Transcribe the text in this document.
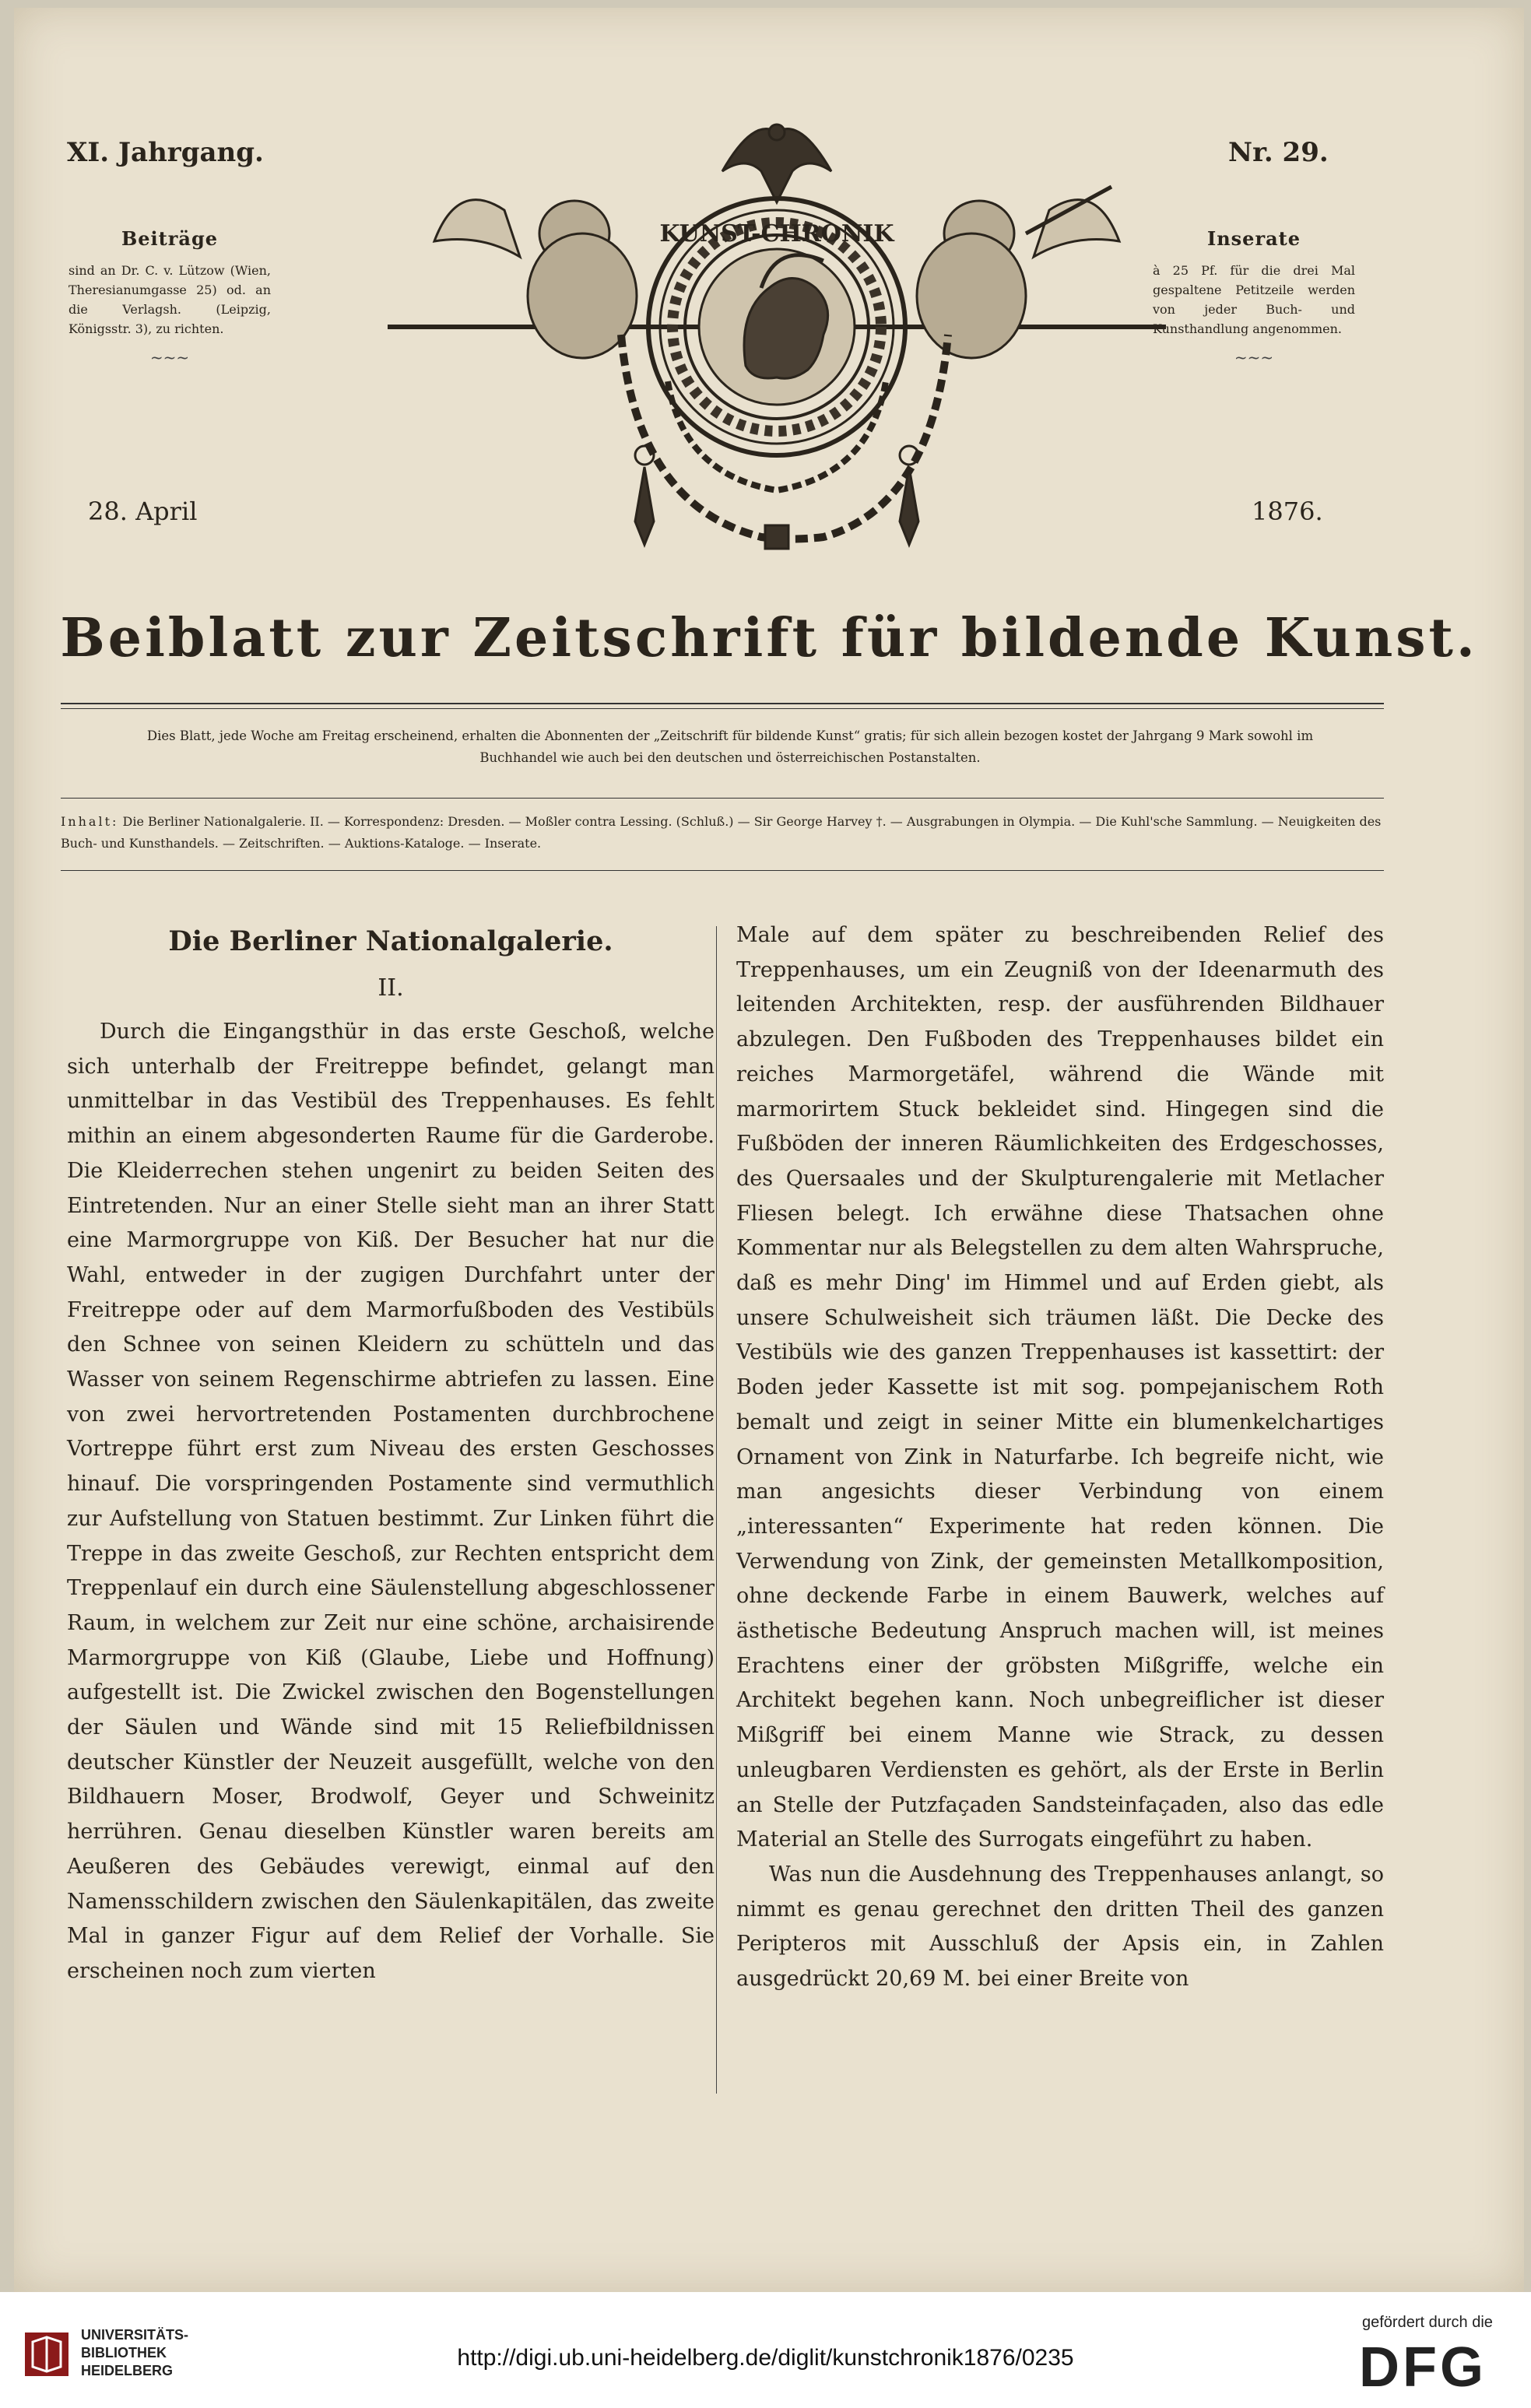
XI. Jahrgang.	Nr. 29.
Beiträge
sind an Dr. C. v. Lützow (Wien, Theresianumgasse 25) od. an die Verlagsh. (Leipzig, Königsstr. 3), zu richten.
~~~
Inserate
à 25 Pf. für die drei Mal gespaltene Petitzeile werden von jeder Buch- und Kunsthandlung angenommen.
~~~
28. April	1876.
KUNST-CHRONIK
Beiblatt zur Zeitschrift für bildende Kunst.
Dies Blatt, jede Woche am Freitag erscheinend, erhalten die Abonnenten der „Zeitschrift für bildende Kunst“ gratis; für sich allein bezogen kostet der Jahrgang 9 Mark sowohl im Buchhandel wie auch bei den deutschen und österreichischen Postanstalten.
Inhalt: Die Berliner Nationalgalerie. II. — Korrespondenz: Dresden. — Moßler contra Lessing. (Schluß.) — Sir George Harvey †. — Ausgrabungen in Olympia. — Die Kuhl'sche Sammlung. — Neuigkeiten des Buch- und Kunsthandels. — Zeitschriften. — Auktions-Kataloge. — Inserate.
Die Berliner Nationalgalerie.
II.

Durch die Eingangsthür in das erste Geschoß, welche sich unterhalb der Freitreppe befindet, gelangt man unmittelbar in das Vestibül des Treppenhauses. Es fehlt mithin an einem abgesonderten Raume für die Garderobe. Die Kleiderrechen stehen ungenirt zu beiden Seiten des Eintretenden. Nur an einer Stelle sieht man an ihrer Statt eine Marmorgruppe von Kiß. Der Besucher hat nur die Wahl, entweder in der zugigen Durchfahrt unter der Freitreppe oder auf dem Marmorfußboden des Vestibüls den Schnee von seinen Kleidern zu schütteln und das Wasser von seinem Regenschirme abtriefen zu lassen. Eine von zwei hervortretenden Postamenten durchbrochene Vortreppe führt erst zum Niveau des ersten Geschosses hinauf. Die vorspringenden Postamente sind vermuthlich zur Aufstellung von Statuen bestimmt. Zur Linken führt die Treppe in das zweite Geschoß, zur Rechten entspricht dem Treppenlauf ein durch eine Säulenstellung abgeschlossener Raum, in welchem zur Zeit nur eine schöne, archaisirende Marmorgruppe von Kiß (Glaube, Liebe und Hoffnung) aufgestellt ist. Die Zwickel zwischen den Bogenstellungen der Säulen und Wände sind mit 15 Reliefbildnissen deutscher Künstler der Neuzeit ausgefüllt, welche von den Bildhauern Moser, Brodwolf, Geyer und Schweinitz herrühren. Genau dieselben Künstler waren bereits am Aeußeren des Gebäudes verewigt, einmal auf den Namensschildern zwischen den Säulenkapitälen, das zweite Mal in ganzer Figur auf dem Relief der Vorhalle. Sie erscheinen noch zum vierten

Male auf dem später zu beschreibenden Relief des Treppenhauses, um ein Zeugniß von der Ideenarmuth des leitenden Architekten, resp. der ausführenden Bildhauer abzulegen. Den Fußboden des Treppenhauses bildet ein reiches Marmorgetäfel, während die Wände mit marmorirtem Stuck bekleidet sind. Hingegen sind die Fußböden der inneren Räumlichkeiten des Erdgeschosses, des Quersaales und der Skulpturengalerie mit Metlacher Fliesen belegt. Ich erwähne diese Thatsachen ohne Kommentar nur als Belegstellen zu dem alten Wahrspruche, daß es mehr Ding' im Himmel und auf Erden giebt, als unsere Schulweisheit sich träumen läßt. Die Decke des Vestibüls wie des ganzen Treppenhauses ist kassettirt: der Boden jeder Kassette ist mit sog. pompejanischem Roth bemalt und zeigt in seiner Mitte ein blumenkelchartiges Ornament von Zink in Naturfarbe. Ich begreife nicht, wie man angesichts dieser Verbindung von einem „interessanten“ Experimente hat reden können. Die Verwendung von Zink, der gemeinsten Metallkomposition, ohne deckende Farbe in einem Bauwerk, welches auf ästhetische Bedeutung Anspruch machen will, ist meines Erachtens einer der gröbsten Mißgriffe, welche ein Architekt begehen kann. Noch unbegreiflicher ist dieser Mißgriff bei einem Manne wie Strack, zu dessen unleugbaren Verdiensten es gehört, als der Erste in Berlin an Stelle der Putzfaçaden Sandsteinfaçaden, also das edle Material an Stelle des Surrogats eingeführt zu haben.

Was nun die Ausdehnung des Treppenhauses anlangt, so nimmt es genau gerechnet den dritten Theil des ganzen Peripteros mit Ausschluß der Apsis ein, in Zahlen ausgedrückt 20,69 M. bei einer Breite von

UNIVERSITÄTS-
BIBLIOTHEK
HEIDELBERG	http://digi.ub.uni-heidelberg.de/diglit/kunstchronik1876/0235
gefördert durch die
DFG
